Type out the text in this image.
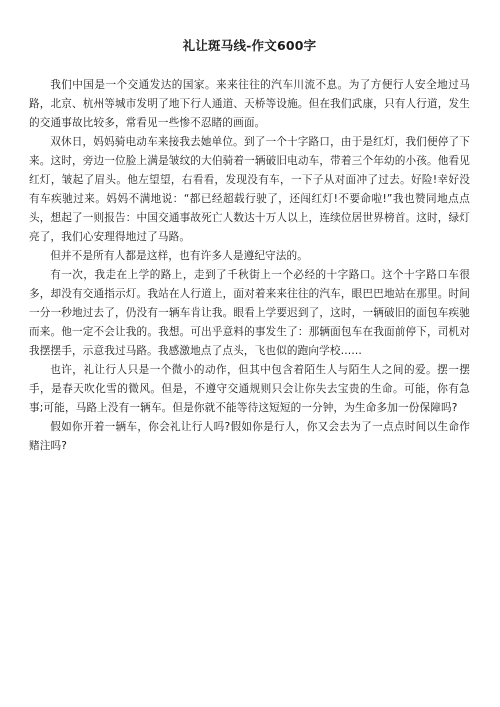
礼让斑马线-作文600字

我们中国是一个交通发达的国家。来来往往的汽车川流不息。为了方便行人安全地过马路，北京、杭州等城市发明了地下行人通道、天桥等设施。但在我们武康，只有人行道，发生的交通事故比较多，常看见一些惨不忍睹的画面。

双休日，妈妈骑电动车来接我去她单位。到了一个十字路口，由于是红灯，我们便停了下来。这时，旁边一位脸上满是皱纹的大伯骑着一辆破旧电动车，带着三个年幼的小孩。他看见红灯，皱起了眉头。他左望望，右看看，发现没有车，一下子从对面冲了过去。好险!幸好没有车疾驰过来。妈妈不满地说：“都已经超载行驶了，还闯红灯!不要命啦!”我也赞同地点点头，想起了一则报告：中国交通事故死亡人数达十万人以上，连续位居世界榜首。这时，绿灯亮了，我们心安理得地过了马路。

但并不是所有人都是这样，也有许多人是遵纪守法的。

有一次，我走在上学的路上，走到了千秋街上一个必经的十字路口。这个十字路口车很多，却没有交通指示灯。我站在人行道上，面对着来来往往的汽车，眼巴巴地站在那里。时间一分一秒地过去了，仍没有一辆车肯让我。眼看上学要迟到了，这时，一辆破旧的面包车疾驰而来。他一定不会让我的。我想。可出乎意料的事发生了：那辆面包车在我面前停下，司机对我摆摆手，示意我过马路。我感激地点了点头，飞也似的跑向学校……

也许，礼让行人只是一个微小的动作，但其中包含着陌生人与陌生人之间的爱。摆一摆手，是春天吹化雪的微风。但是，不遵守交通规则只会让你失去宝贵的生命。可能，你有急事;可能，马路上没有一辆车。但是你就不能等待这短短的一分钟，为生命多加一份保障吗?

假如你开着一辆车，你会礼让行人吗?假如你是行人，你又会去为了一点点时间以生命作赌注吗?
